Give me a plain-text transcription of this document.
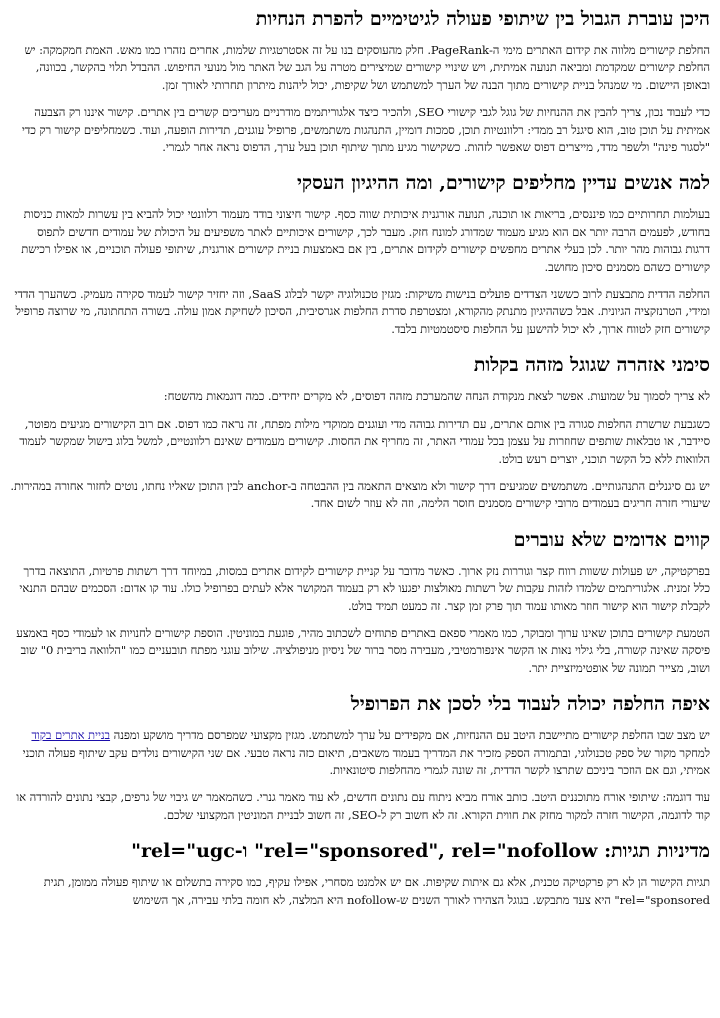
היכן עוברת הגבול בין שיתופי פעולה לגיטימיים להפרת הנחיות

החלפת קישורים מלווה את קידום האתרים מימי ה-PageRank. חלק מהעוסקים בנו על זה אסטרטגיות שלמות, אחרים נזהרו כמו מאש. האמת חמקמקה: יש החלפת קישורים שמקדמת ומביאה תנועה אמיתית, ויש שינויי קישורים שמיצירים מטרה על הגב של האתר מול מנועי החיפוש. ההבדל תלוי בהקשר, בכוונה, ובאופן היישום. מי שמנהל בניית קישורים מתוך הבנה של הערך למשתמש ושל שקיפות, יכול ליהנות מיתרון תחרותי לאורך זמן.

כדי לעבוד נכון, צריך להבין את ההנחיות של גוגל לגבי קישורי SEO, ולהכיר כיצד אלגוריתמים מודרניים מעריכים קשרים בין אתרים. קישור איננו רק הצבעה אמיתית על תוכן טוב, הוא סיגנל רב ממדי: רלוונטיות תוכן, סמכות דומיין, התנהגות משתמשים, פרופיל עוגנים, תדירות הופעה, ועוד. כשמחליפים קישור רק כדי "לסגור פינה" ולשפר מדד, מייצרים דפוס שאפשר לזהות. כשקישור מגיע מתוך שיתוף תוכן בעל ערך, הדפוס נראה אחר לגמרי.

למה אנשים עדיין מחליפים קישורים, ומה ההיגיון העסקי

בעולמות תחרותיים כמו פיננסים, בריאות או תוכנה, תנועה אורגנית איכותית שווה כסף. קישור חיצוני בודד מעמוד רלוונטי יכול להביא בין עשרות למאות כניסות בחודש, לפעמים הרבה יותר אם הוא מגיע מעמוד שמדורג למונח חזק. מעבר לכך, קישורים איכותיים לאתר משפיעים על היכולת של עמודים חדשים לתפוס דרגות גבוהות מהר יותר. לכן בעלי אתרים מחפשים קישורים לקידום אתרים, בין אם באמצעות בניית קישורים אורגנית, שיתופי פעולה תוכניים, או אפילו רכישת קישורים כשהם מסמנים סיכון מחושב.

החלפה הדדית מתבצעת לרוב כששני הצדדים פועלים בנישות משיקות: מגזין טכנולוגיה יקשר לבלוג SaaS, וזה יחזיר קישור לעמוד סקירה מעמיק. כשהערך הדדי ומידי, הטרנזקציה הגיונית. אבל כשההיגיון מתנתק מהקורא, ומצטרפת סדרת החלפות אגרסיבית, הסיכון לשחיקת אמון עולה. בשורה התחתונה, מי שרוצה פרופיל קישורים חזק לטווח ארוך, לא יכול להישען על החלפות סיסטמטיות בלבד.

סימני אזהרה שגוגל מזהה בקלות

לא צריך לסמוך על שמועות. אפשר לצאת מנקודת הנחה שהמערכת מזהה דפוסים, לא מקרים יחידים. כמה דוגמאות מהשטח:

כשגבעת שרשרת החלפות סגורה בין אותם אתרים, עם תדירות גבוהה מדי ועוגנים ממוקדי מילות מפתח, זה נראה כמו דפוס. אם רוב הקישורים מגיעים מפוטר, סיידבר, או טבלאות שותפים שחוזרות על עצמן בכל עמודי האתר, זה מחריף את החסות. קישורים מעמודים שאינם רלוונטיים, למשל בלוג בישול שמקשר לעמוד הלוואות ללא כל הקשר תוכני, יוצרים רעש בולט.

יש גם סיגנלים התנהגותיים. משתמשים שמגיעים דרך קישור ולא מוצאים התאמה בין ההבטחה ב-anchor לבין התוכן שאליו נחתו, נוטים לחזור אחורה במהירות. שיעורי חזרה חריגים בעמודים מרובי קישורים מסמנים חוסר הלימה, וזה לא עוזר לשום אחד.

קווים אדומים שלא עוברים

בפרקטיקה, יש פעולות ששוות רווח קצר וגוררות נזק ארוך. כאשר מדובר על קניית קישורים לקידום אתרים במסות, במיוחד דרך רשתות פרטיות, התוצאה בדרך כלל זמנית. אלגוריתמים שלמדו לזהות עקבות של רשתות מאולצות יפגעו לא רק בעמוד המקושר אלא לעתים בפרופיל כולו. עוד קו אדום: הסכמים שבהם התנאי לקבלת קישור הוא קישור חוזר מאותו עמוד תוך פרק זמן קצר. זה כמעט תמיד בולט.

הטמעת קישורים בתוכן שאינו ערוך ומבוקר, כמו מאמרי ספאם באתרים פתוחים לשכתוב מהיר, פוגעת במוניטין. הוספת קישורים לחנויות או לעמודי כסף באמצע פיסקה שאינה קשורה, בלי גילוי נאות או הקשר אינפורמטיבי, מעבירה מסר ברור של ניסיון מניפולציה. שילוב עוגני מפתח תובעניים כמו "הלוואה בריבית 0" שוב ושוב, מצייר תמונה של אופטימיזציית יתר.

איפה החלפה יכולה לעבוד בלי לסכן את הפרופיל

יש מצב שבו החלפת קישורים מתיישבת היטב עם ההנחיות, אם מקפידים על ערך למשתמש. מגזין מקצועי שמפרסם מדריך מושקע ומפנה בניית אתרים בקוד למחקר מקור של ספק טכנולוגי, ובתמורה הספק מזכיר את המדריך בעמוד משאבים, תיאום כזה נראה טבעי. אם שני הקישורים נולדים עקב שיתוף פעולה תוכני אמיתי, וגם אם הוזכר ביניכם שתרצו לקשר הדדית, זה שונה לגמרי מהחלפות סיטונאיות.

עוד דוגמה: שיתופי אורח מתוכננים היטב. כותב אורח מביא ניתוח עם נתונים חדשים, לא עוד מאמר גנרי. כשהמאמר יש גיבוי של גרפים, קבצי נתונים להורדה או קוד לדוגמה, הקישור חזרה למקור מחזק את חווית הקורא. זה לא חשוב רק ל-SEO, זה חשוב לבניית המוניטין המקצועי שלכם.

מדיניות תגיות: rel="sponsored", rel="nofollow" ו-rel="ugc"

תגיות הקישור הן לא רק פרקטיקה טכנית, אלא גם איתות שקיפות. אם יש אלמנט מסחרי, אפילו עקיף, כמו סקירה בתשלום או שיתוף פעולה ממומן, תגית rel="sponsored" היא צעד מתבקש. בגוגל הצהירו לאורך השנים ש-nofollow היא המלצה, לא חומה בלתי עבירה, אך השימוש
